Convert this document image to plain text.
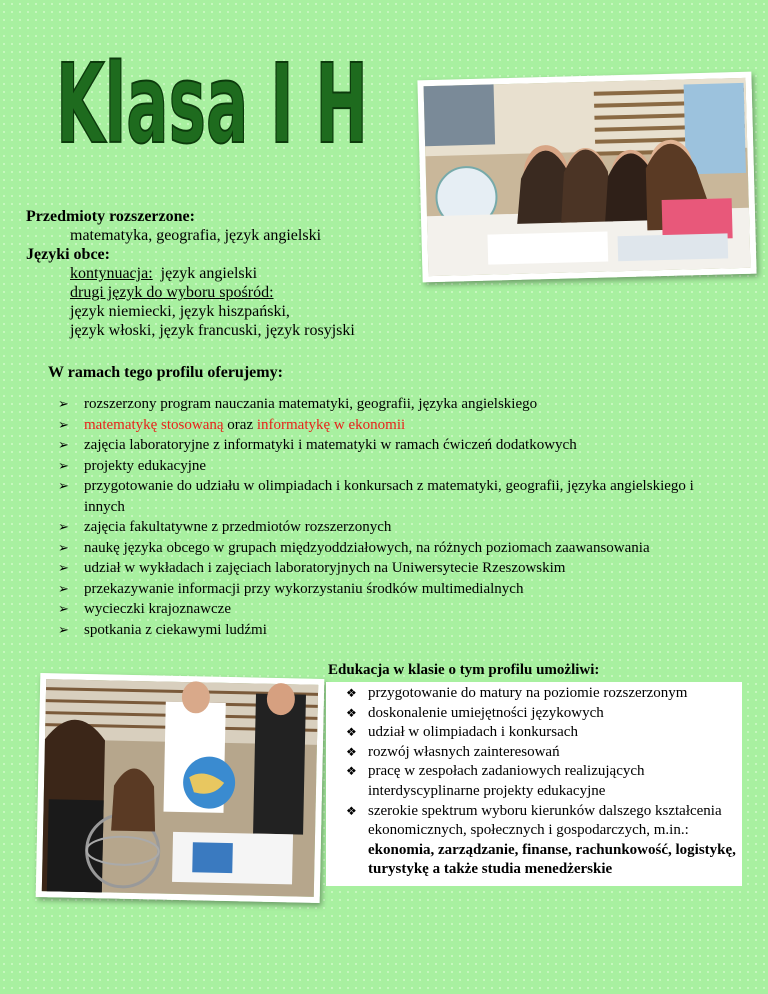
Klasa I H
Przedmioty rozszerzone:
matematyka, geografia, język angielski
Języki obce:
kontynuacja: język angielski
drugi język do wyboru spośród:
język niemiecki, język hiszpański,
język włoski, język francuski, język rosyjski
W ramach tego profilu oferujemy:
➢ rozszerzony program nauczania matematyki, geografii, języka angielskiego
➢ matematykę stosowaną oraz informatykę w ekonomii
➢ zajęcia laboratoryjne z informatyki i matematyki w ramach ćwiczeń dodatkowych
➢ projekty edukacyjne
➢ przygotowanie do udziału w olimpiadach i konkursach z matematyki, geografii, języka angielskiego i innych
➢ zajęcia fakultatywne z przedmiotów rozszerzonych
➢ naukę języka obcego w grupach międzyoddziałowych, na różnych poziomach zaawansowania
➢ udział w wykładach i zajęciach laboratoryjnych na Uniwersytecie Rzeszowskim
➢ przekazywanie informacji przy wykorzystaniu środków multimedialnych
➢ wycieczki krajoznawcze
➢ spotkania z ciekawymi ludźmi
Edukacja w klasie o tym profilu umożliwi:
❖ przygotowanie do matury na poziomie rozszerzonym
❖ doskonalenie umiejętności językowych
❖ udział w olimpiadach i konkursach
❖ rozwój własnych zainteresowań
❖ pracę w zespołach zadaniowych realizujących interdyscyplinarne projekty edukacyjne
❖ szerokie spektrum wyboru kierunków dalszego kształcenia ekonomicznych, społecznych i gospodarczych, m.in.: ekonomia, zarządzanie, finanse, rachunkowość, logistykę, turystykę a także studia menedżerskie
